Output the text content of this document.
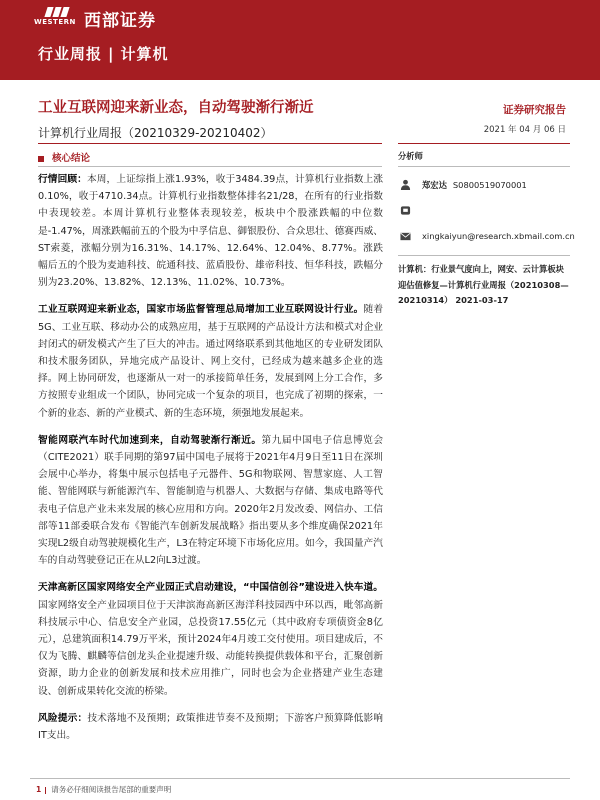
WESTERN 西部证券
行业周报 | 计算机
工业互联网迎来新业态，自动驾驶渐行渐近
计算机行业周报（20210329-20210402）
证券研究报告
2021 年 04 月 06 日
核心结论

行情回顾：本周，上证综指上涨1.93%，收于3484.39点，计算机行业指数上涨0.10%，收于4710.34点。计算机行业指数整体排名21/28，在所有的行业指数中表现较差。本周计算机行业整体表现较差，板块中个股涨跌幅的中位数是-1.47%，周涨跌幅前五的个股为中孚信息、御银股份、合众思壮、德赛西威、ST索菱，涨幅分别为16.31%、14.17%、12.64%、12.04%、8.77%。涨跌幅后五的个股为麦迪科技、皖通科技、蓝盾股份、雄帝科技、恒华科技，跌幅分别为23.20%、13.82%、12.13%、11.02%、10.73%。

工业互联网迎来新业态，国家市场监督管理总局增加工业互联网设计行业。随着5G、工业互联、移动办公的成熟应用，基于互联网的产品设计方法和模式对企业封闭式的研发模式产生了巨大的冲击。通过网络联系到其他地区的专业研发团队和技术服务团队，异地完成产品设计、网上交付，已经成为越来越多企业的选择。网上协同研发，也逐渐从一对一的承接简单任务，发展到网上分工合作，多方按照专业组成一个团队，协同完成一个复杂的项目，也完成了初期的探索，一个新的业态、新的产业模式、新的生态环境，须强地发展起来。

智能网联汽车时代加速到来，自动驾驶渐行渐近。第九届中国电子信息博览会（CITE2021）联手同期的第97届中国电子展将于2021年4月9日至11日在深圳会展中心举办，将集中展示包括电子元器件、5G和物联网、智慧家庭、人工智能、智能网联与新能源汽车、智能制造与机器人、大数据与存储、集成电路等代表电子信息产业未来发展的核心应用和方向。2020年2月发改委、网信办、工信部等11部委联合发布《智能汽车创新发展战略》指出要从多个维度确保2021年实现L2级自动驾驶规模化生产，L3在特定环境下市场化应用。如今，我国量产汽车的自动驾驶登记正在从L2向L3过渡。

天津高新区国家网络安全产业园正式启动建设，“中国信创谷”建设进入快车道。国家网络安全产业园项目位于天津滨海高新区海洋科技园西中环以西，毗邻高新科技展示中心、信息安全产业园，总投资17.55亿元（其中政府专项债资金8亿元），总建筑面积14.79万平米，预计2024年4月竣工交付使用。项目建成后，不仅为飞腾、麒麟等信创龙头企业提速升级、动能转换提供载体和平台，汇聚创新资源，助力企业的创新发展和技术应用推广，同时也会为企业搭建产业生态建设、创新成果转化交流的桥梁。

风险提示：技术落地不及预期；政策推进节奏不及预期；下游客户预算降低影响IT支出。

分析师
郑宏达 S0800519070001
xingkaiyun@research.xbmail.com.cn
计算机：行业景气度向上，网安、云计算板块迎估值修复—计算机行业周报（20210308—20210314） 2021-03-17
1 请务必仔细阅读报告尾部的重要声明
